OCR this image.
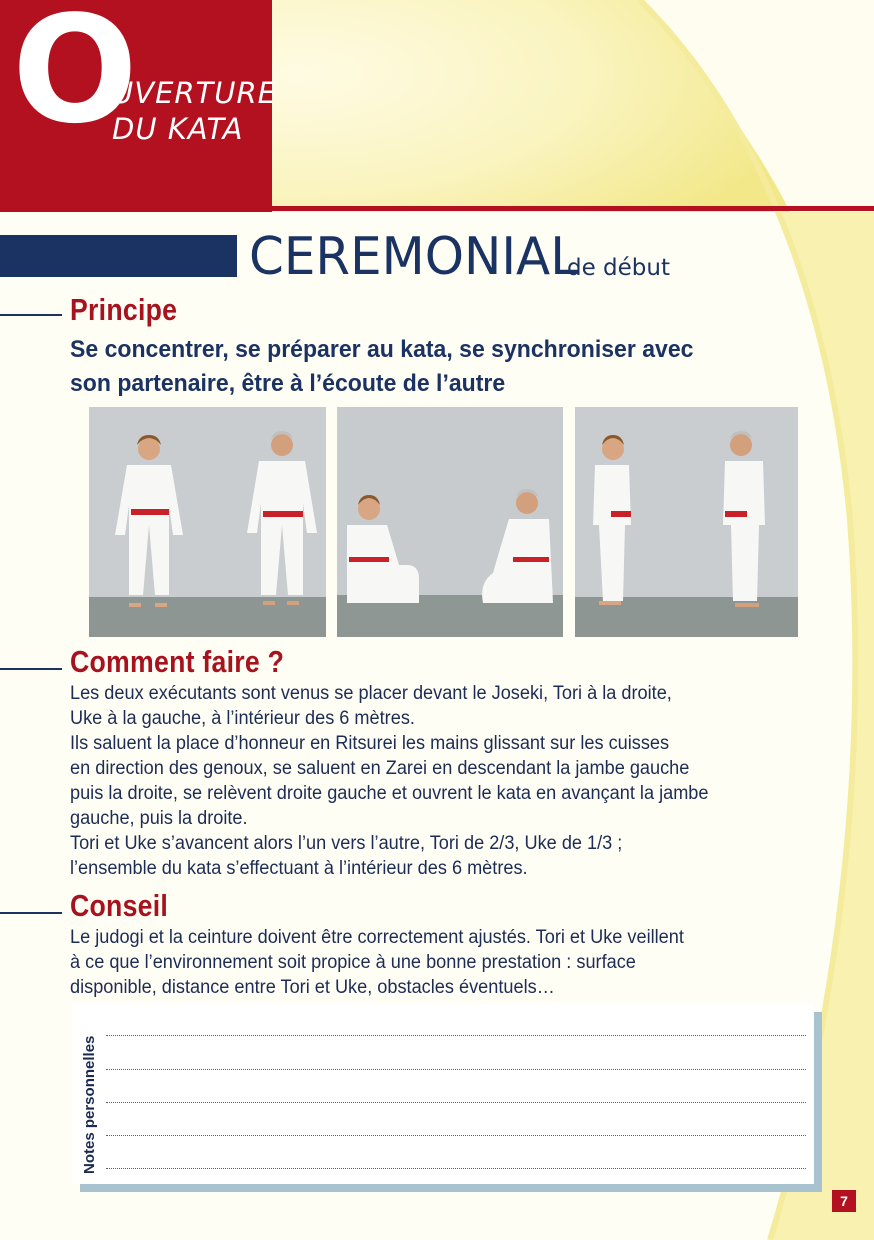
O
UVERTURE
DU KATA
CEREMONIAL
de début
Principe

Se concentrer, se préparer au kata, se synchroniser avec

son partenaire, être à l’écoute de l’autre

Comment faire ?

Les deux exécutants sont venus se placer devant le Joseki, Tori à la droite,

Uke à la gauche, à l’intérieur des 6 mètres.

Ils saluent la place d’honneur en Ritsurei les mains glissant sur les cuisses

en direction des genoux, se saluent en Zarei en descendant la jambe gauche

puis la droite, se relèvent droite gauche et ouvrent le kata en avançant la jambe

gauche, puis la droite.

Tori et Uke s’avancent alors l’un vers l’autre, Tori de 2/3, Uke de 1/3 ;

l’ensemble du kata s’effectuant à l’intérieur des 6 mètres.

Conseil

Le judogi et la ceinture doivent être correctement ajustés. Tori et Uke veillent

à ce que l’environnement soit propice à une bonne prestation : surface

disponible, distance entre Tori et Uke, obstacles éventuels…

Notes personnelles
7
